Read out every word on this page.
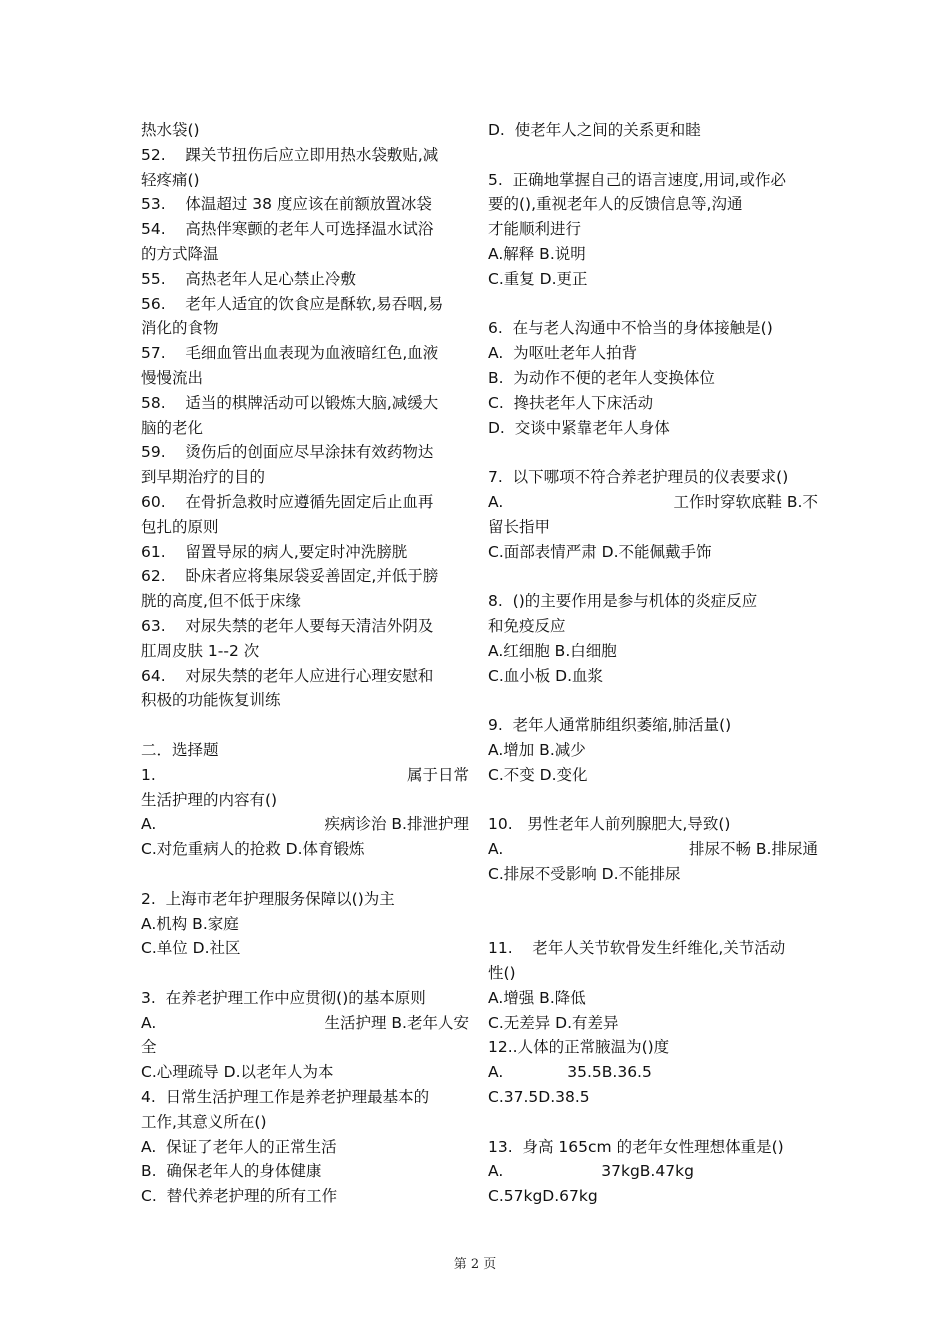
热水袋()
52.    踝关节扭伤后应立即用热水袋敷贴,减
轻疼痛()
53.    体温超过 38 度应该在前额放置冰袋
54.    高热伴寒颤的老年人可选择温水试浴
的方式降温
55.    高热老年人足心禁止冷敷
56.    老年人适宜的饮食应是酥软,易吞咽,易
消化的食物
57.    毛细血管出血表现为血液暗红色,血液
慢慢流出
58.    适当的棋牌活动可以锻炼大脑,减缓大
脑的老化
59.    烫伤后的创面应尽早涂抹有效药物达
到早期治疗的目的
60.    在骨折急救时应遵循先固定后止血再
包扎的原则
61.    留置导尿的病人,要定时冲洗膀胱
62.    卧床者应将集尿袋妥善固定,并低于膀
胱的高度,但不低于床缘
63.    对尿失禁的老年人要每天清洁外阴及
肛周皮肤 1--2 次
64.    对尿失禁的老年人应进行心理安慰和
积极的功能恢复训练
二．选择题
1.	属于日常
生活护理的内容有()
A.	疾病诊治 B.排泄护理
C.对危重病人的抢救 D.体育锻炼
2.  上海市老年护理服务保障以()为主
A.机构 B.家庭
C.单位 D.社区
3.  在养老护理工作中应贯彻()的基本原则
A.	生活护理 B.老年人安
全
C.心理疏导 D.以老年人为本
4.  日常生活护理工作是养老护理最基本的
工作,其意义所在()
A.  保证了老年人的正常生活
B.  确保老年人的身体健康
C.  替代养老护理的所有工作
D.  使老年人之间的关系更和睦
5.  正确地掌握自己的语言速度,用词,或作必
要的(),重视老年人的反馈信息等,沟通
才能顺利进行
A.解释 B.说明
C.重复 D.更正
6.  在与老人沟通中不恰当的身体接触是()
A.  为呕吐老年人拍背
B.  为动作不便的老年人变换体位
C.  搀扶老年人下床活动
D.  交谈中紧靠老年人身体
7.  以下哪项不符合养老护理员的仪表要求()
A.	工作时穿软底鞋 B.不
留长指甲
C.面部表情严肃 D.不能佩戴手饰
8.  ()的主要作用是参与机体的炎症反应
和免疫反应
A.红细胞 B.白细胞
C.血小板 D.血浆
9.  老年人通常肺组织萎缩,肺活量()
A.增加 B.减少
C.不变 D.变化
10.   男性老年人前列腺肥大,导致()
A.	排尿不畅 B.排尿通
C.排尿不受影响 D.不能排尿
11.    老年人关节软骨发生纤维化,关节活动
性()
A.增强 B.降低
C.无差异 D.有差异
12..人体的正常腋温为()度
A.	35.5B.36.5
C.37.5D.38.5
13.  身高 165cm 的老年女性理想体重是()
A.	37kgB.47kg
C.57kgD.67kg
第 2 页
